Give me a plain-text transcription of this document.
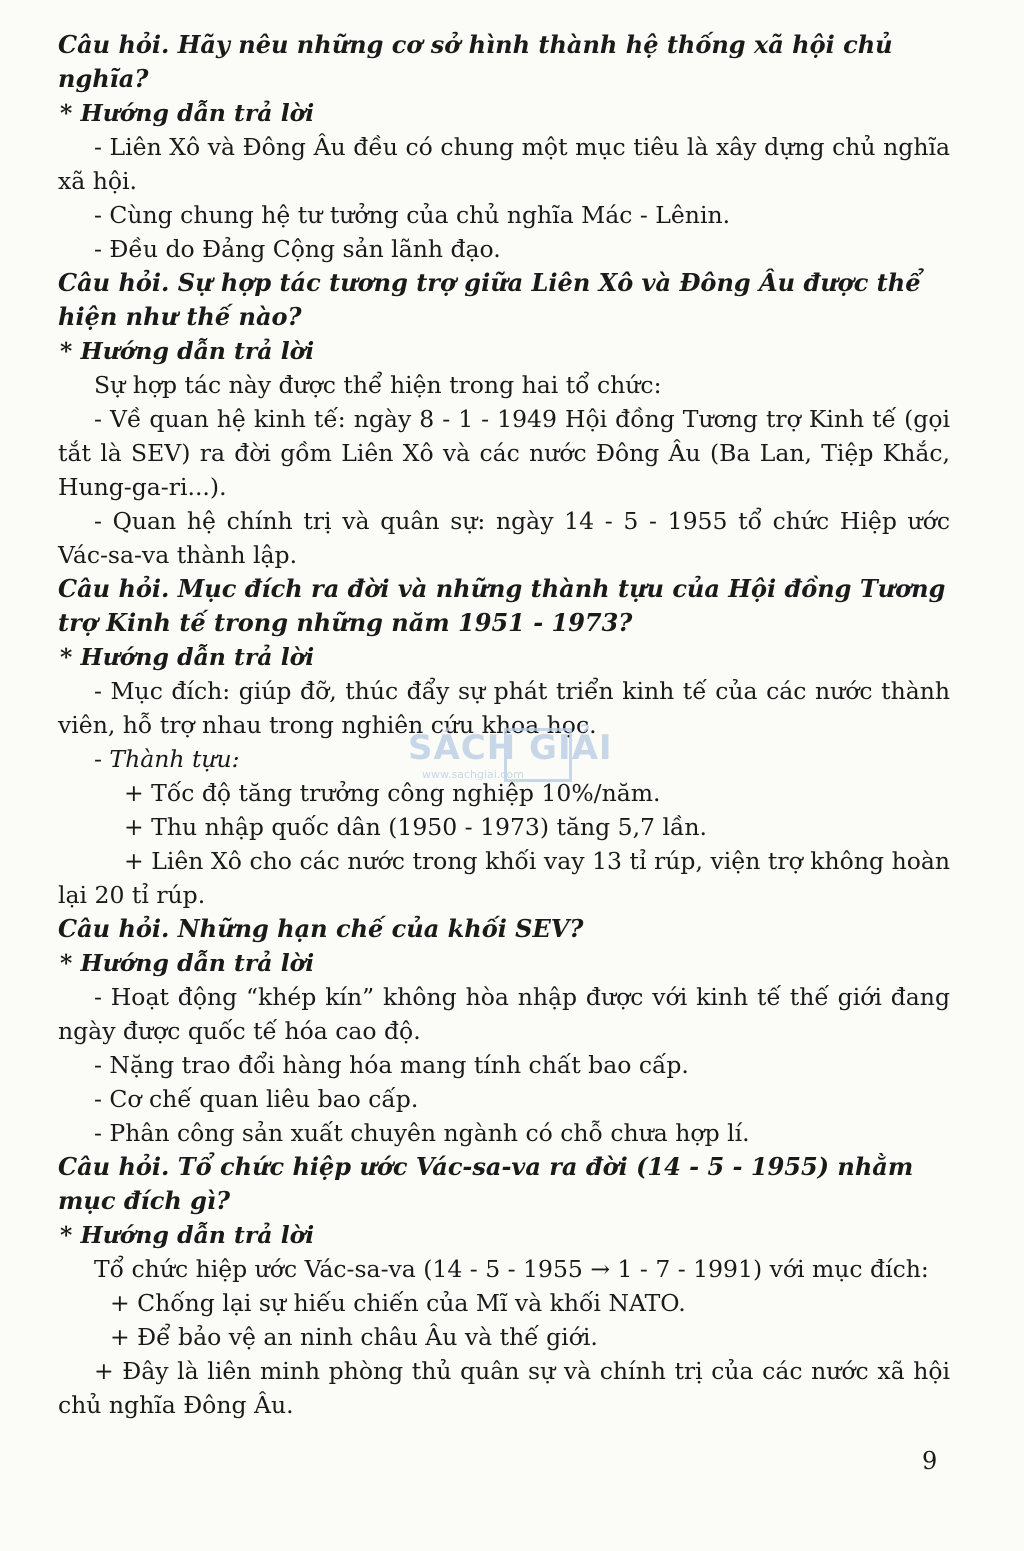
Câu hỏi. Hãy nêu những cơ sở hình thành hệ thống xã hội chủ nghĩa?
* Hướng dẫn trả lời
- Liên Xô và Đông Âu đều có chung một mục tiêu là xây dựng chủ nghĩa xã hội.
- Cùng chung hệ tư tưởng của chủ nghĩa Mác - Lênin.
- Đều do Đảng Cộng sản lãnh đạo.
Câu hỏi. Sự hợp tác tương trợ giữa Liên Xô và Đông Âu được thể hiện như thế nào?
* Hướng dẫn trả lời
Sự hợp tác này được thể hiện trong hai tổ chức:
- Về quan hệ kinh tế: ngày 8 - 1 - 1949 Hội đồng Tương trợ Kinh tế (gọi tắt là SEV) ra đời gồm Liên Xô và các nước Đông Âu (Ba Lan, Tiệp Khắc, Hung-ga-ri...).
- Quan hệ chính trị và quân sự: ngày 14 - 5 - 1955 tổ chức Hiệp ước Vác-sa-va thành lập.
Câu hỏi. Mục đích ra đời và những thành tựu của Hội đồng Tương trợ Kinh tế trong những năm 1951 - 1973?
* Hướng dẫn trả lời
- Mục đích: giúp đỡ, thúc đẩy sự phát triển kinh tế của các nước thành viên, hỗ trợ nhau trong nghiên cứu khoa học.
- Thành tựu:
+ Tốc độ tăng trưởng công nghiệp 10%/năm.
+ Thu nhập quốc dân (1950 - 1973) tăng 5,7 lần.
+ Liên Xô cho các nước trong khối vay 13 tỉ rúp, viện trợ không hoàn lại 20 tỉ rúp.
Câu hỏi. Những hạn chế của khối SEV?
* Hướng dẫn trả lời
- Hoạt động “khép kín” không hòa nhập được với kinh tế thế giới đang ngày được quốc tế hóa cao độ.
- Nặng trao đổi hàng hóa mang tính chất bao cấp.
- Cơ chế quan liêu bao cấp.
- Phân công sản xuất chuyên ngành có chỗ chưa hợp lí.
Câu hỏi. Tổ chức hiệp ước Vác-sa-va ra đời (14 - 5 - 1955) nhằm mục đích gì?
* Hướng dẫn trả lời
Tổ chức hiệp ước Vác-sa-va (14 - 5 - 1955 → 1 - 7 - 1991) với mục đích:
+ Chống lại sự hiếu chiến của Mĩ và khối NATO.
+ Để bảo vệ an ninh châu Âu và thế giới.
+ Đây là liên minh phòng thủ quân sự và chính trị của các nước xã hội chủ nghĩa Đông Âu.
SÁCH GIẢI
www.sachgiai.com
9
